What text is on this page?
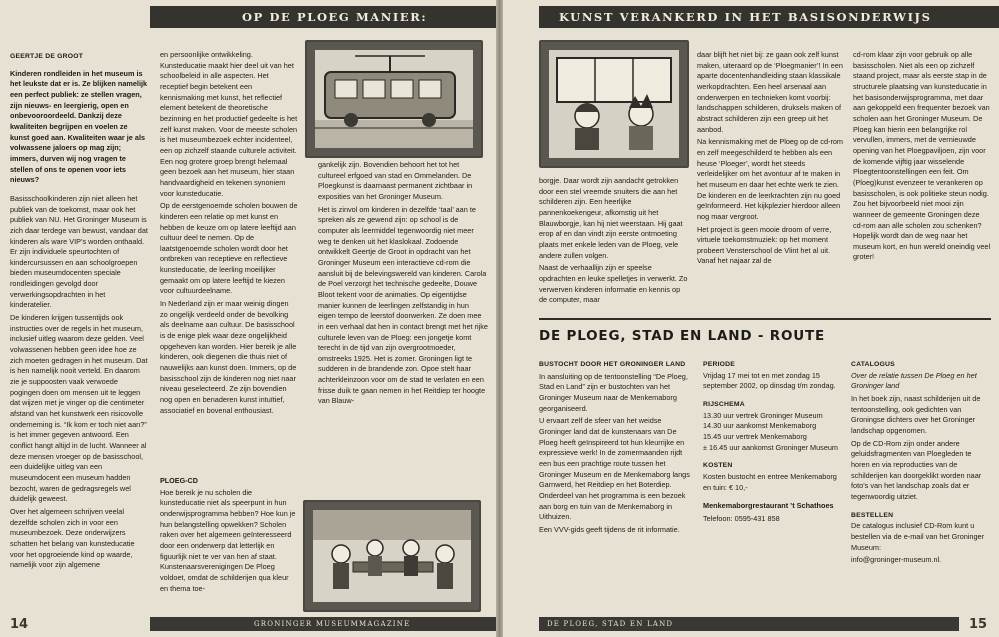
OP DE PLOEG MANIER:
GEERTJE DE GROOT

Kinderen rondleiden in het museum is het leukste dat er is. Ze blijken namelijk een perfect publiek: ze stellen vragen, zijn nieuws- en leergierig, open en onbevooroordeeld. Dankzij deze kwaliteiten begrijpen en voelen ze kunst goed aan. Kwaliteiten waar je als volwassene jaloers op mag zijn; immers, durven wij nog vragen te stellen of ons te openen voor iets nieuws?

Basisschoolkinderen zijn niet alleen het publiek van de toekomst, maar ook het publiek van NU. Het Groninger Museum is zich daar terdege van bewust, vandaar dat kinderen als ware VIP’s worden onthaald. Er zijn individuele speurtochten of kindercursussen en aan schoolgroepen bieden museumdocenten speciale rondleidingen gevolgd door verwerkingsopdrachten in het kinderatelier.

De kinderen krijgen tussentijds ook instructies over de regels in het museum, inclusief uitleg waarom deze gelden. Veel volwassenen hebben geen idee hoe ze zich moeten gedragen in het museum. Dat is hen namelijk nooit verteld. En daarom zie je suppoosten vaak verwoede pogingen doen om mensen uit te leggen dat wijzen met je vinger op die centimeter afstand van het kunstwerk een risicovolle onderneming is. “Ik kom er toch niet aan?” is het immer gegeven antwoord. Een conflict hangt altijd in de lucht. Wanneer al deze mensen vroeger op de basisschool, een duidelijke uitleg van een museumdocent een museum hadden bezocht, waren de gedragsregels wel duidelijk geweest.

Over het algemeen schrijven veelal dezelfde scholen zich in voor een museumbezoek. Deze onderwijzers schatten het belang van kunsteducatie voor het opgroeiende kind op waarde, namelijk voor zijn algemene

en persoonlijke ontwikkeling. Kunsteducatie maakt hier deel uit van het schoolbeleid in alle aspecten. Het receptief begin betekent een kennismaking met kunst, het reflectief element betekent de theoretische bezinning en het productief gedeelte is het zelf kunst maken. Voor de meeste scholen is het museumbezoek echter incidenteel, een op zichzelf staande culturele activiteit. Een nog grotere groep brengt helemaal geen bezoek aan het museum, hier staan handvaardigheid en tekenen synoniem voor kunsteducatie.

Op de eerstgenoemde scholen bouwen de kinderen een relatie op met kunst en hebben de keuze om op latere leeftijd aan cultuur deel te nemen. Op de laatstgenoemde scholen wordt door het ontbreken van receptieve en reflectieve kunsteducatie, de leerling moeilijker gemaakt om op latere leeftijd te kiezen voor cultuurdeelname.

In Nederland zijn er maar weinig dingen zo ongelijk verdeeld onder de bevolking als deelname aan cultuur. De basisschool is de enige plek waar deze ongelijkheid opgeheven kan worden. Hier bereik je alle kinderen, ook diegenen die thuis niet of nauwelijks aan kunst doen. Immers, op de basisschool zijn de kinderen nog niet naar niveau geselecteerd. Ze zijn bovendien nog open en benaderen kunst intuïtief, associatief en bovenal enthousiast.

PLOEG-CD

Hoe bereik je nu scholen die kunsteducatie niet als speerpunt in hun onderwijsprogramma hebben? Hoe kun je hun belangstelling opwekken? Scholen raken over het algemeen geïnteresseerd door een onderwerp dat letterlijk en figuurlijk niet te ver van hen af staat. Kunstenaarsverenigingen De Ploeg voldoet, omdat de schilderijen qua kleur en thema toe-

gankelijk zijn. Bovendien behoort het tot het cultureel erfgoed van stad en Ommelanden. De Ploegkunst is daarnaast permanent zichtbaar in exposities van het Groninger Museum.

Het is zinvol om kinderen in dezelfde ‘taal’ aan te spreken als ze gewend zijn: op school is de computer als leermiddel tegenwoordig niet meer weg te denken uit het klaslokaal. Zodoende ontwikkelt Geertje de Groot in opdracht van het Groninger Museum een interactieve cd-rom die aansluit bij de belevingswereld van kinderen. Carola de Poel verzorgt het technische gedeelte, Douwe Bloot tekent voor de animaties. Op eigentijdse manier kunnen de leerlingen zelfstandig in hun eigen tempo de leerstof doorwerken. Ze doen mee in een verhaal dat hen in contact brengt met het rijke culturele leven van de Ploeg: een jongetje komt terecht in de tijd van zijn overgrootmoeder, omstreeks 1925. Het is zomer. Groningen ligt te sudderen in de brandende zon. Opoe stelt haar achterkleinzoon voor om de stad te verlaten en een frisse duik te gaan nemen in het Reitdiep ter hoogte van Blauw-

14	GRONINGER MUSEUMMAGAZINE
KUNST VERANKERD IN HET BASISONDERWIJS

borgje. Daar wordt zijn aandacht getrokken door een stel vreemde snuiters die aan het schilderen zijn. Een heerlijke pannenkoekengeur, afkomstig uit het Blauwborgje, kan hij niet weerstaan. Hij gaat erop af en dan vindt zijn eerste ontmoeting plaats met enkele leden van de Ploeg, vele andere zullen volgen.

Naast de verhaallijn zijn er speelse opdrachten en leuke spelletjes in verwerkt. Zo verwerven kinderen informatie en kennis op de computer, maar

daar blijft het niet bij: ze gaan ook zelf kunst maken, uiteraard op de ‘Ploegmanier’! In een aparte docentenhandleiding staan klassikale werkopdrachten. Een heel arsenaal aan onderwerpen en technieken komt voorbij: landschappen schilderen, druksels maken of abstract schilderen zijn een greep uit het aanbod.

Na kennismaking met de Ploeg op de cd-rom en zelf meegeschilderd te hebben als een heuse ‘Ploeger’, wordt het steeds verleidelijker om het avontuur af te maken in het museum en daar het echte werk te zien. De kinderen en de leerkrachten zijn nu goed geïnformeerd. Het kijkplezier hierdoor alleen nog maar vergroot.

Het project is geen mooie droom of verre, virtuele toekomstmuziek: op het moment probeert Vensterschool de Vlint het al uit. Vanaf het najaar zal de

cd-rom klaar zijn voor gebruik op alle basisscholen. Niet als een op zichzelf staand project, maar als eerste stap in de structurele plaatsing van kunsteducatie in het basisonderwijsprogramma, met daar aan gekoppeld een frequenter bezoek van scholen aan het Groninger Museum. De Ploeg kan hierin een belangrijke rol vervullen, immers, met de vernieuwde opening van het Ploegpaviljoen, zijn voor de komende vijftig jaar wisselende Ploegtentoonstellingen een feit. Om (Ploeg)kunst evenzeer te verankeren op basisscholen, is ook politieke steun nodig. Zou het bijvoorbeeld niet mooi zijn wanneer de gemeente Groningen deze cd-rom aan alle scholen zou schenken? Hopelijk wordt dan de weg naar het museum kort, en hun wereld oneindig veel groter!

DE PLOEG, STAD EN LAND - ROUTE
BUSTOCHT DOOR HET GRONINGER LAND

In aansluiting op de tentoonstelling “De Ploeg, Stad en Land” zijn er bustochten van het Groninger Museum naar de Menkemaborg georganiseerd.

U ervaart zelf de sfeer van het weidse Groninger land dat de kunstenaars van De Ploeg heeft geïnspireerd tot hun kleurrijke en expressieve werk! In de zomermaanden rijdt een bus een prachtige route tussen het Groninger Museum en de Menkemaborg langs Garnwerd, het Reitdiep en het Boterdiep. Onderdeel van het programma is een bezoek aan borg en tuin van de Menkemaborg in Uithuizen.

Een VVV-gids geeft tijdens de rit informatie.

PERIODE

Vrijdag 17 mei tot en met zondag 15 september 2002, op dinsdag t/m zondag.

RIJSCHEMA
13.30 uur vertrek Groninger Museum
14.30 uur aankomst Menkemaborg
15.45 uur vertrek Menkemaborg
± 16.45 uur aankomst Groninger Museum
KOSTEN

Kosten bustocht en entree Menkemaborg en tuin: € 10,-

Menkemaborgrestaurant ’t Schathoes

Telefoon: 0595-431 858

CATALOGUS

Over de relatie tussen De Ploeg en het Groninger land

In het boek zijn, naast schilderijen uit de tentoonstelling, ook gedichten van Groningse dichters over het Groninger landschap opgenomen.

Op de CD-Rom zijn onder andere geluidsfragmenten van Ploegleden te horen en via reproducties van de schilderijen kan doorgeklikt worden naar foto’s van het landschap zoals dat er tegenwoordig uitziet.

BESTELLEN

De catalogus inclusief CD-Rom kunt u bestellen via de e-mail van het Groninger Museum:

info@groninger-museum.nl.

DE PLOEG, STAD EN LAND	15
